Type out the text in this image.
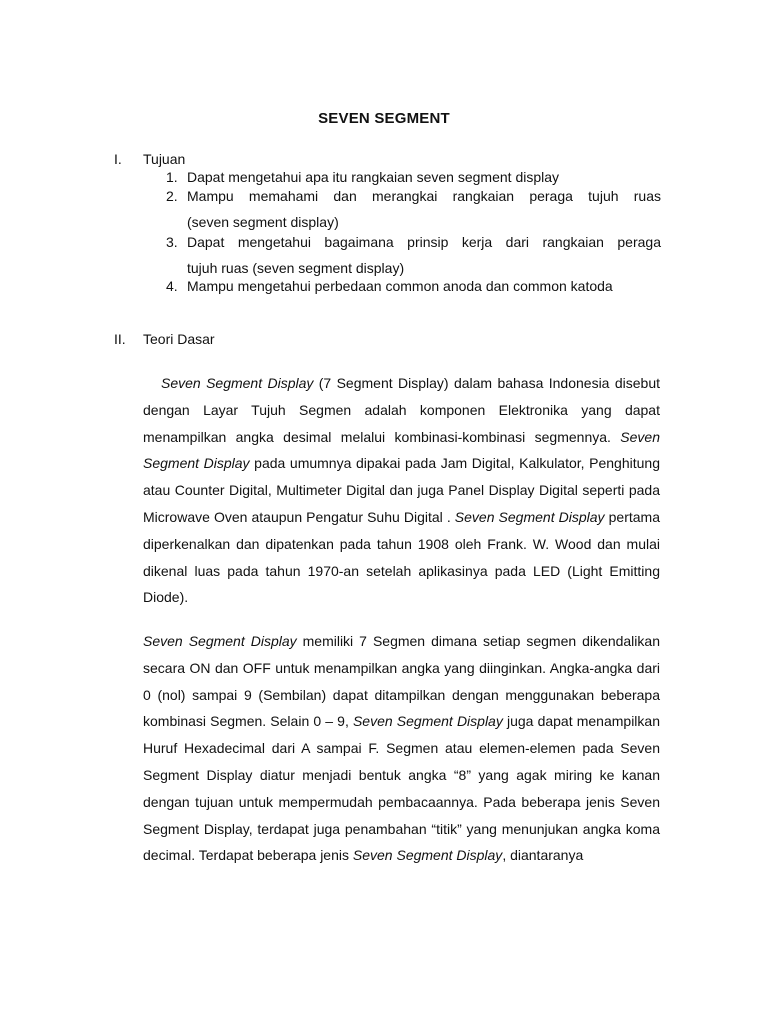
SEVEN SEGMENT
I. Tujuan
1. Dapat mengetahui apa itu rangkaian seven segment display
2. Mampu memahami dan merangkai rangkaian peraga tujuh ruas
(seven segment display)
3. Dapat mengetahui bagaimana prinsip kerja dari rangkaian peraga
tujuh ruas (seven segment display)
4. Mampu mengetahui perbedaan common anoda dan common katoda
II. Teori Dasar

Seven Segment Display (7 Segment Display) dalam bahasa Indonesia disebut dengan Layar Tujuh Segmen adalah komponen Elektronika yang dapat menampilkan angka desimal melalui kombinasi-kombinasi segmennya. Seven Segment Display pada umumnya dipakai pada Jam Digital, Kalkulator, Penghitung atau Counter Digital, Multimeter Digital dan juga Panel Display Digital seperti pada Microwave Oven ataupun Pengatur Suhu Digital . Seven Segment Display pertama diperkenalkan dan dipatenkan pada tahun 1908 oleh Frank. W. Wood dan mulai dikenal luas pada tahun 1970-an setelah aplikasinya pada LED (Light Emitting Diode).

Seven Segment Display memiliki 7 Segmen dimana setiap segmen dikendalikan secara ON dan OFF untuk menampilkan angka yang diinginkan. Angka-angka dari 0 (nol) sampai 9 (Sembilan) dapat ditampilkan dengan menggunakan beberapa kombinasi Segmen. Selain 0 – 9, Seven Segment Display juga dapat menampilkan Huruf Hexadecimal dari A sampai F. Segmen atau elemen-elemen pada Seven Segment Display diatur menjadi bentuk angka “8” yang agak miring ke kanan dengan tujuan untuk mempermudah pembacaannya. Pada beberapa jenis Seven Segment Display, terdapat juga penambahan “titik” yang menunjukan angka koma decimal. Terdapat beberapa jenis Seven Segment Display, diantaranya
